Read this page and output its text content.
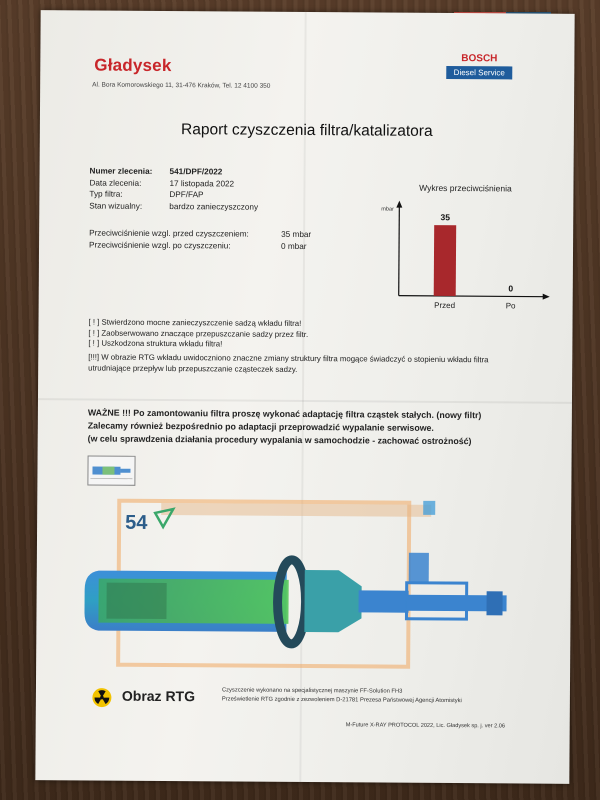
Gładysek
Al. Bora Komorowskiego 11, 31-476 Kraków, Tel. 12 4100 350
BOSCH
Diesel Service
Raport czyszczenia filtra/katalizatora
Numer zlecenia:	541/DPF/2022
Data zlecenia:	17 listopada 2022
Typ filtra:	DPF/FAP
Stan wizualny:	bardzo zanieczyszczony
Przeciwciśnienie wzgl. przed czyszczeniem:	35 mbar
Przeciwciśnienie wzgl. po czyszczeniu:	0 mbar
Wykres przeciwciśnienia
mbar
35
Przed
0
Po
[ ! ] Stwierdzono mocne zanieczyszczenie sadzą wkładu filtra!
[ ! ] Zaobserwowano znaczące przepuszczanie sadzy przez filtr.
[ ! ] Uszkodzona struktura wkładu filtra!
[!!!] W obrazie RTG wkładu uwidoczniono znaczne zmiany struktury filtra mogące świadczyć o stopieniu wkładu filtra utrudniające przepływ lub przepuszczanie cząsteczek sadzy.
WAŻNE !!! Po zamontowaniu filtra proszę wykonać adaptację filtra cząstek stałych. (nowy filtr)
Zalecamy również bezpośrednio po adaptacji przeprowadzić wypalanie serwisowe.
(w celu sprawdzenia działania procedury wypalania w samochodzie - zachować ostrożność)
54
Obraz RTG	Czyszczenie wykonano na specjalistycznej maszynie FF-Solution FH3
Prześwietlenie RTG zgodnie z zezwoleniem D-21781 Prezesa Państwowej Agencji Atomistyki
M-Future X-RAY PROTOCOL 2022, Lic. Gładysek sp. j. ver 2.06
